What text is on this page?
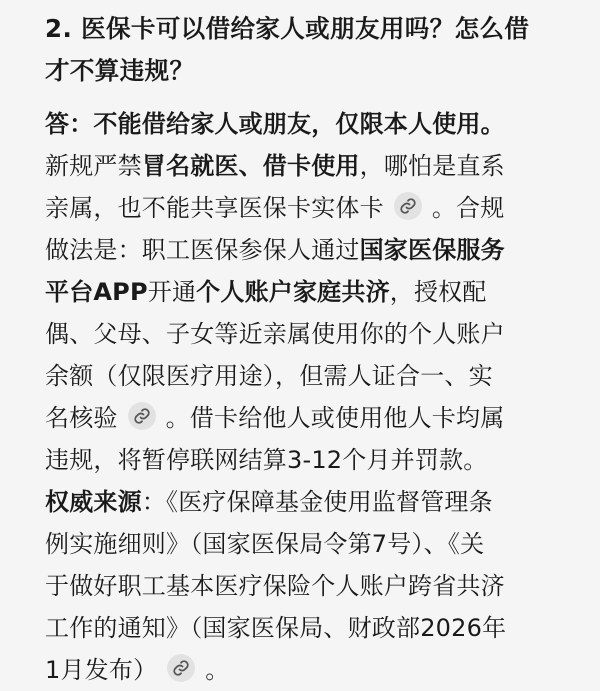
2. 医保卡可以借给家人或朋友用吗？怎么借
才不算违规？
答：不能借给家人或朋友，仅限本人使用。
新规严禁冒名就医、借卡使用，哪怕是直系
亲属，也不能共享医保卡实体卡 。合规
做法是：职工医保参保人通过国家医保服务
平台APP开通个人账户家庭共济，授权配
偶、父母、子女等近亲属使用你的个人账户
余额（仅限医疗用途），但需人证合一、实
名核验 。借卡给他人或使用他人卡均属
违规，将暂停联网结算3-12个月并罚款。
权威来源：《医疗保障基金使用监督管理条
例实施细则》（国家医保局令第7号）、《关
于做好职工基本医疗保险个人账户跨省共济
工作的通知》（国家医保局、财政部2026年
1月发布） 。
